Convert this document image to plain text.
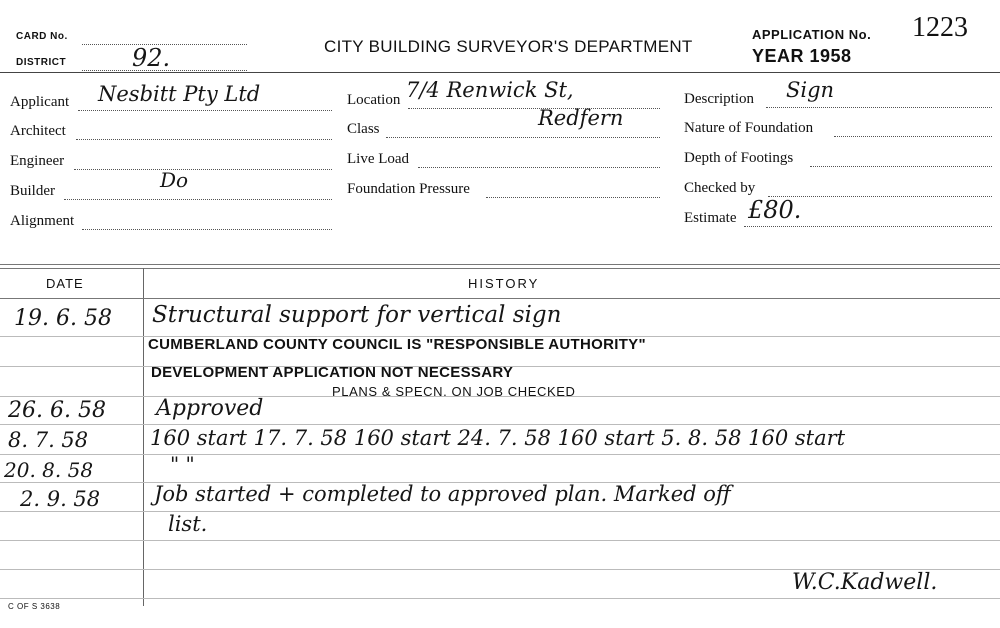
CARD No.
DISTRICT	92.	CITY BUILDING SURVEYOR'S DEPARTMENT
APPLICATION No. 1223
YEAR 1958
Applicant Nesbitt Pty Ltd
Architect
Engineer
Builder	Do
Alignment
Location 7/4 Renwick St,
Class	Redfern
Live Load
Foundation Pressure
Description Sign
Nature of Foundation
Depth of Footings
Checked by
Estimate £80.
DATE	HISTORY
19. 6. 58 Structural support for vertical sign
CUMBERLAND COUNTY COUNCIL IS "RESPONSIBLE AUTHORITY"
DEVELOPMENT APPLICATION NOT NECESSARY
PLANS & SPECN. ON JOB CHECKED
26. 6. 58 Approved
8. 7. 58	160 start 17. 7. 58 160 start 24. 7. 58 160 start 5. 8. 58 160 start
20. 8. 58	" "
2. 9. 58	Job started + completed to approved plan. Marked off
list.
W.C.Kadwell.
C OF S 3638
